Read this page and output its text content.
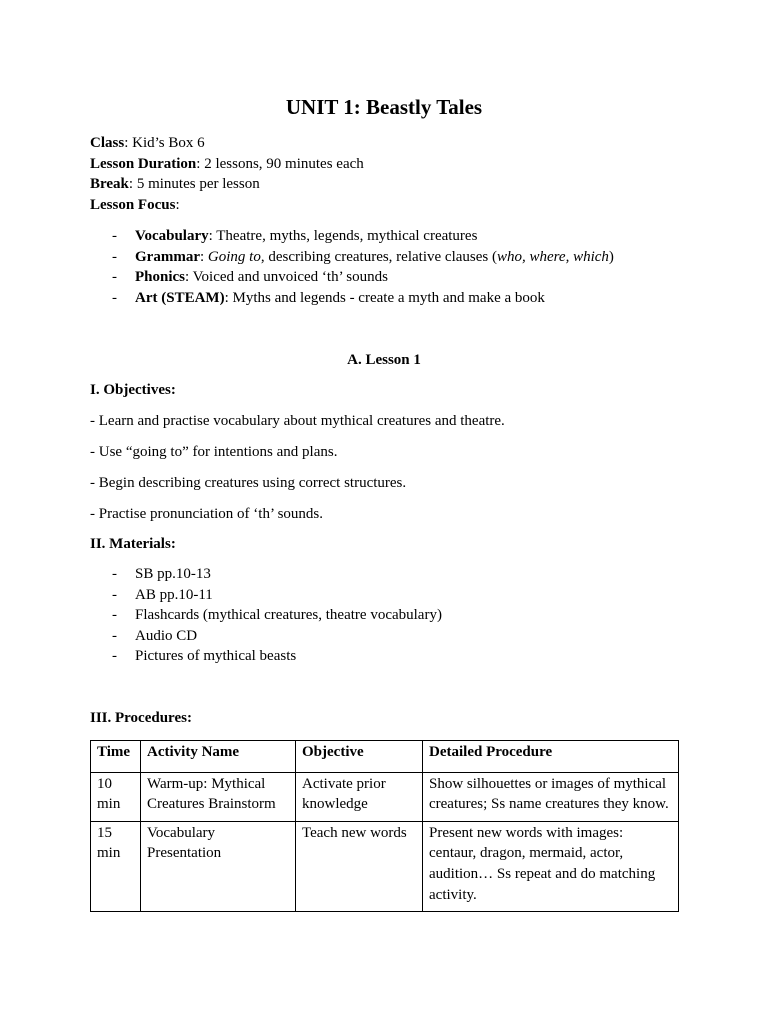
UNIT 1: Beastly Tales
Class: Kid’s Box 6
Lesson Duration: 2 lessons, 90 minutes each
Break: 5 minutes per lesson
Lesson Focus:
- Vocabulary: Theatre, myths, legends, mythical creatures
- Grammar: Going to, describing creatures, relative clauses (who, where, which)
- Phonics: Voiced and unvoiced ‘th’ sounds
- Art (STEAM): Myths and legends - create a myth and make a book
A. Lesson 1
I. Objectives:
- Learn and practise vocabulary about mythical creatures and theatre.
- Use “going to” for intentions and plans.
- Begin describing creatures using correct structures.
- Practise pronunciation of ‘th’ sounds.
II. Materials:
- SB pp.10-13
- AB pp.10-11
- Flashcards (mythical creatures, theatre vocabulary)
- Audio CD
- Pictures of mythical beasts
III. Procedures:
Time	Activity Name	Objective	Detailed Procedure
10 min	Warm-up: Mythical Creatures Brainstorm	Activate prior knowledge	Show silhouettes or images of mythical creatures; Ss name creatures they know.
15 min	Vocabulary Presentation	Teach new words	Present new words with images: centaur, dragon, mermaid, actor, audition… Ss repeat and do matching activity.
